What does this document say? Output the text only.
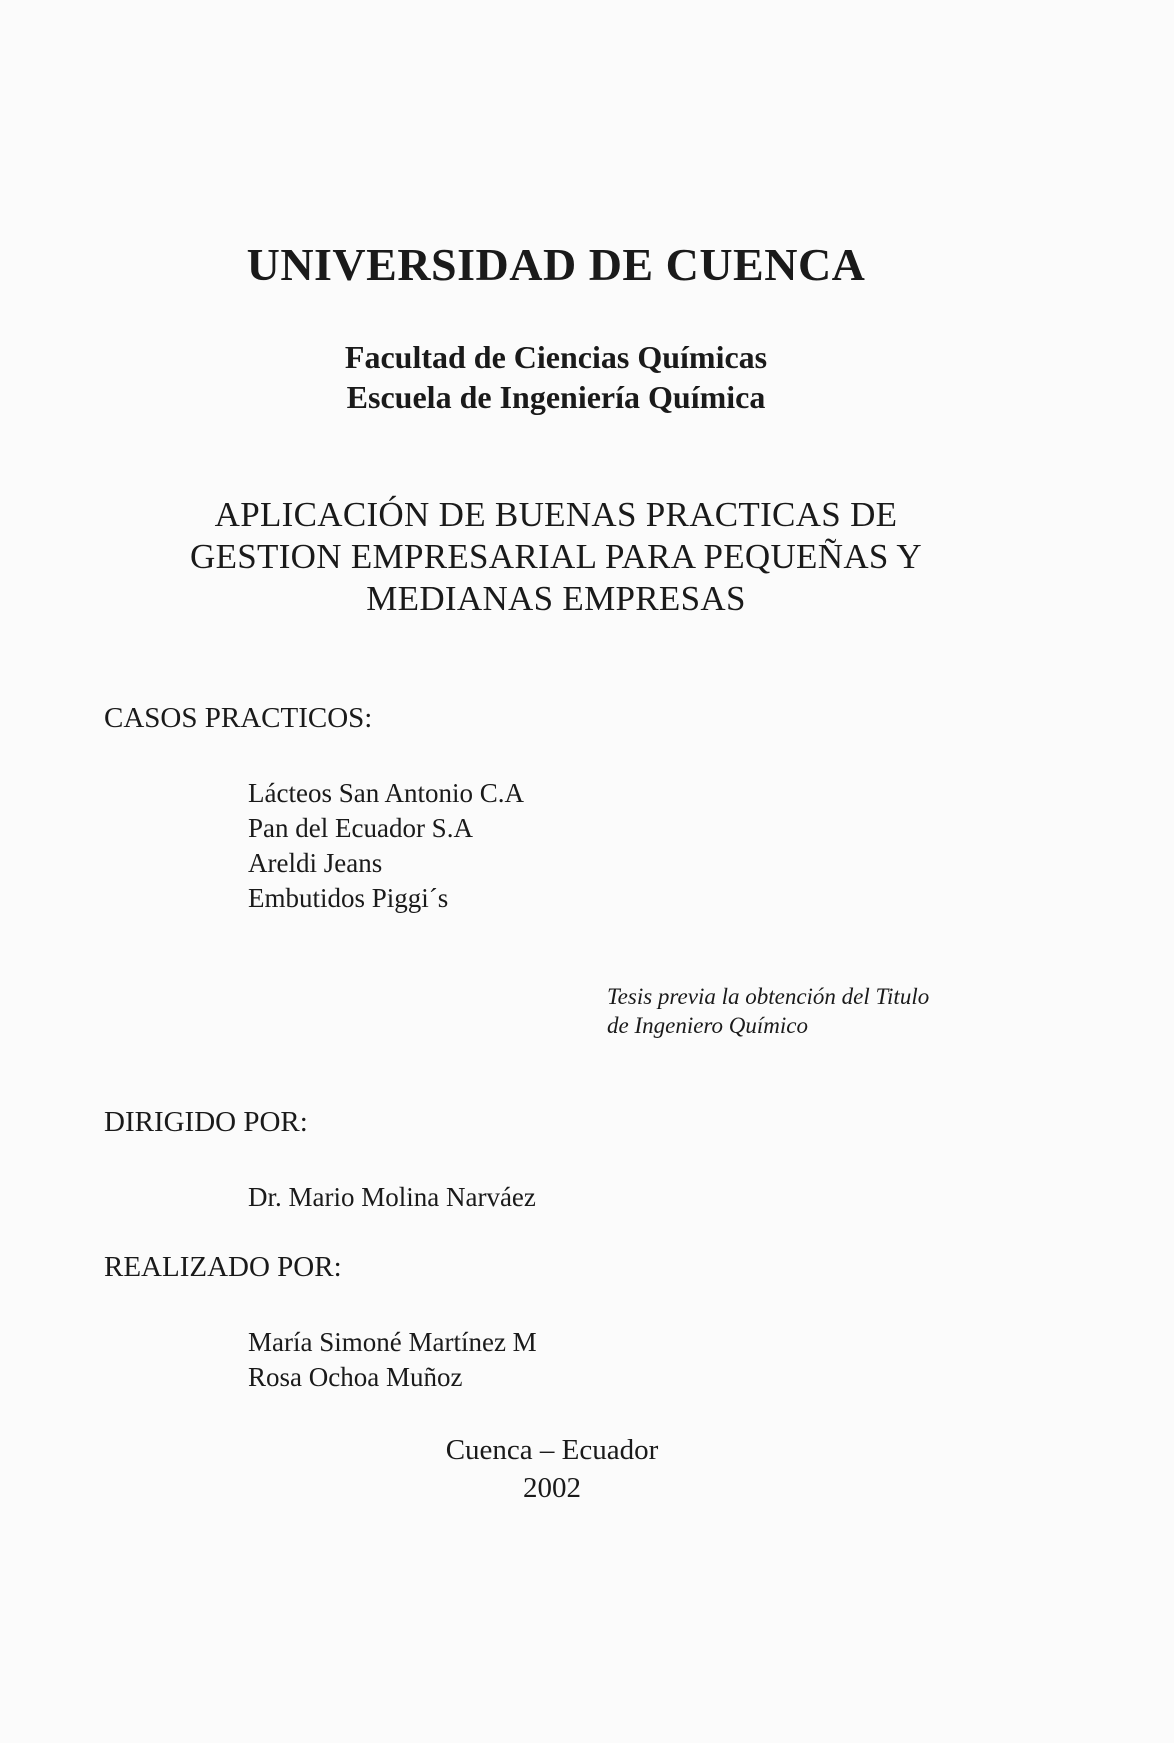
UNIVERSIDAD DE CUENCA
Facultad de Ciencias Químicas
Escuela de Ingeniería Química
APLICACIÓN DE BUENAS PRACTICAS DE
GESTION EMPRESARIAL PARA PEQUEÑAS Y
MEDIANAS EMPRESAS
CASOS PRACTICOS:
Lácteos San Antonio C.A
Pan del Ecuador S.A
Areldi Jeans
Embutidos Piggi´s
Tesis previa la obtención del Titulo
de Ingeniero Químico
DIRIGIDO POR:
Dr. Mario Molina Narváez
REALIZADO POR:
María Simoné Martínez M
Rosa Ochoa Muñoz
Cuenca – Ecuador
2002
